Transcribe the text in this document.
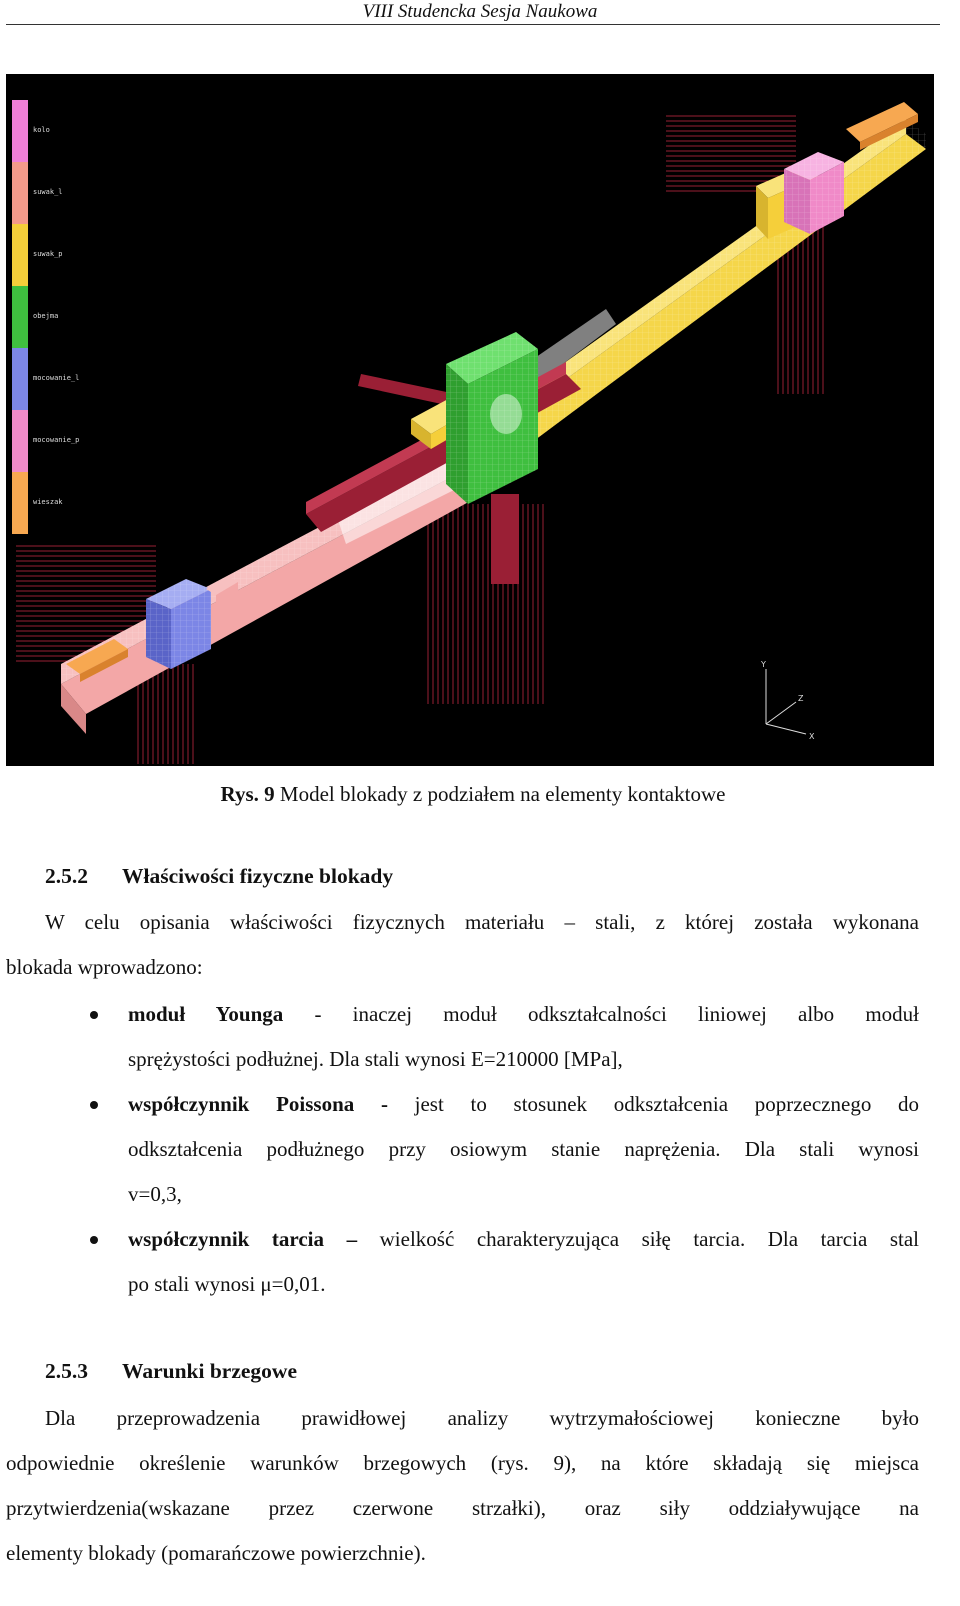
VIII Studencka Sesja Naukowa
kolo
suwak_l
suwak_p
obejma
mocowanie_l
mocowanie_p
wieszak
Y
X
Z
Rys. 9 Model blokady z podziałem na elementy kontaktowe
2.5.2 Właściwości fizyczne blokady
W celu opisania właściwości fizycznych materiału – stali, z której została wykonana
blokada wprowadzono:
moduł Younga - inaczej moduł odkształcalności liniowej albo moduł
sprężystości podłużnej. Dla stali wynosi E=210000 [MPa],
współczynnik Poissona - jest to stosunek odkształcenia poprzecznego do
odkształcenia podłużnego przy osiowym stanie naprężenia. Dla stali wynosi
v=0,3,
współczynnik tarcia – wielkość charakteryzująca siłę tarcia. Dla tarcia stal
po stali wynosi μ=0,01.
2.5.3 Warunki brzegowe
Dla przeprowadzenia prawidłowej analizy wytrzymałościowej konieczne było
odpowiednie określenie warunków brzegowych (rys. 9), na które składają się miejsca
przytwierdzenia(wskazane przez czerwone strzałki), oraz siły oddziaływujące na
elementy blokady (pomarańczowe powierzchnie).
